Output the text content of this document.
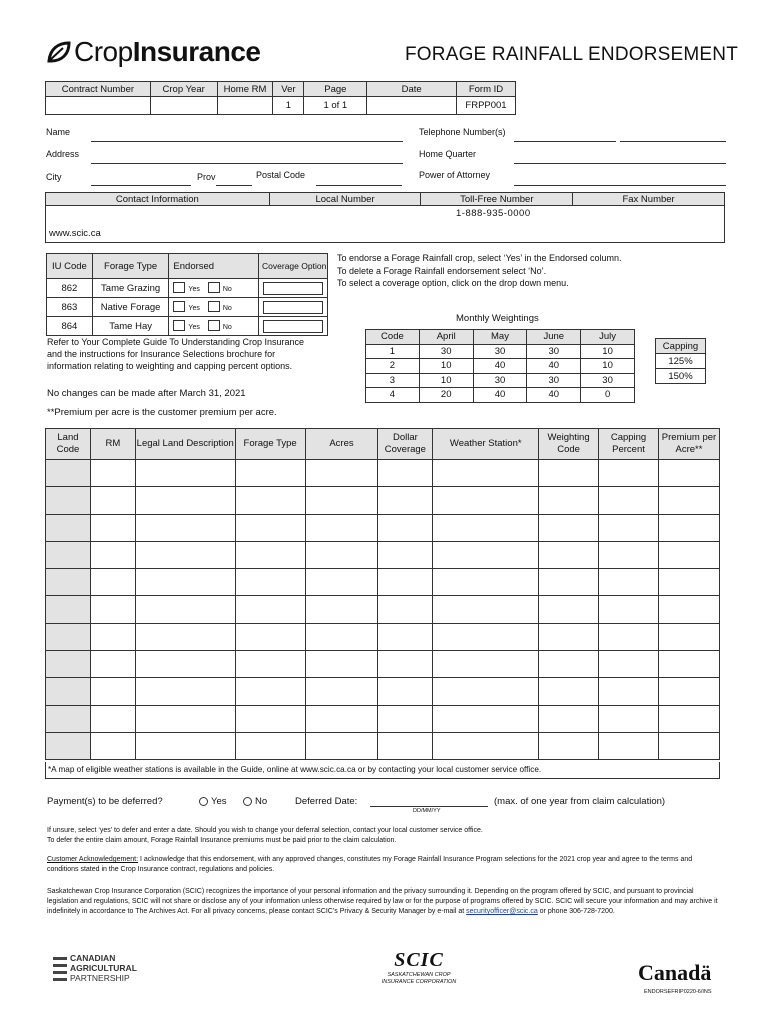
Crop Insurance	FORAGE RAINFALL ENDORSEMENT
Contract Number	Crop Year	Home RM	Ver	Page	Date	Form ID
			1	1 of 1		FRPP001
Name
Address
City	Prov	Postal Code
Telephone Number(s)
Home Quarter
Power of Attorney
Contact Information	Local Number	Toll-Free Number	Fax Number

1-888-935-0000
www.scic.ca
IU Code	Forage Type	Endorsed	Coverage Option
862	Tame Grazing	Yes No	
863	Native Forage	Yes No	
864	Tame Hay	Yes No	
To endorse a Forage Rainfall crop, select ‘Yes’ in the Endorsed column.
To delete a Forage Rainfall endorsement select ‘No’.
To select a coverage option, click on the drop down menu.
Refer to Your Complete Guide To Understanding Crop Insurance and the instructions for Insurance Selections brochure for information relating to weighting and capping percent options.
No changes can be made after March 31, 2021
**Premium per acre is the customer premium per acre.
Monthly Weightings
Code	April	May	June	July
1	30	30	30	10
2	10	40	40	10
3	10	30	30	30
4	20	40	40	0
Capping
125%
150%
Land Code	RM	Legal Land Description	Forage Type	Acres	Dollar Coverage	Weather Station*	Weighting Code	Capping Percent	Premium per Acre**

*A map of eligible weather stations is available in the Guide, online at www.scic.ca.ca or by contacting your local customer service office.
Payment(s) to be deferred?	Yes	No	Deferred Date:
DD/MM/YY
(max. of one year from claim calculation)
If unsure, select ‘yes’ to defer and enter a date. Should you wish to change your deferral selection, contact your local customer service office.
To defer the entire claim amount, Forage Rainfall Insurance premiums must be paid prior to the claim calculation.
Customer Acknowledgement: I acknowledge that this endorsement, with any approved changes, constitutes my Forage Rainfall Insurance Program selections for the 2021 crop year and agree to the terms and conditions stated in the Crop Insurance contract, regulations and policies.
Saskatchewan Crop Insurance Corporation (SCIC) recognizes the importance of your personal information and the privacy surrounding it. Depending on the program offered by SCIC, and pursuant to provincial legislation and regulations, SCIC will not share or disclose any of your information unless otherwise required by law or for the purpose of programs offered by SCIC. SCIC will secure your information and may archive it indefinitely in accordance to The Archives Act. For all privacy concerns, please contact SCIC’s Privacy & Security Manager by e-mail at securityofficer@scic.ca or phone 306-728-7200.
CANADIAN
AGRICULTURAL
PARTNERSHIP
SCIC
SASKATCHEWAN CROP
INSURANCE CORPORATION	Canadä
ENDORSEFRIP0220-6/INS
